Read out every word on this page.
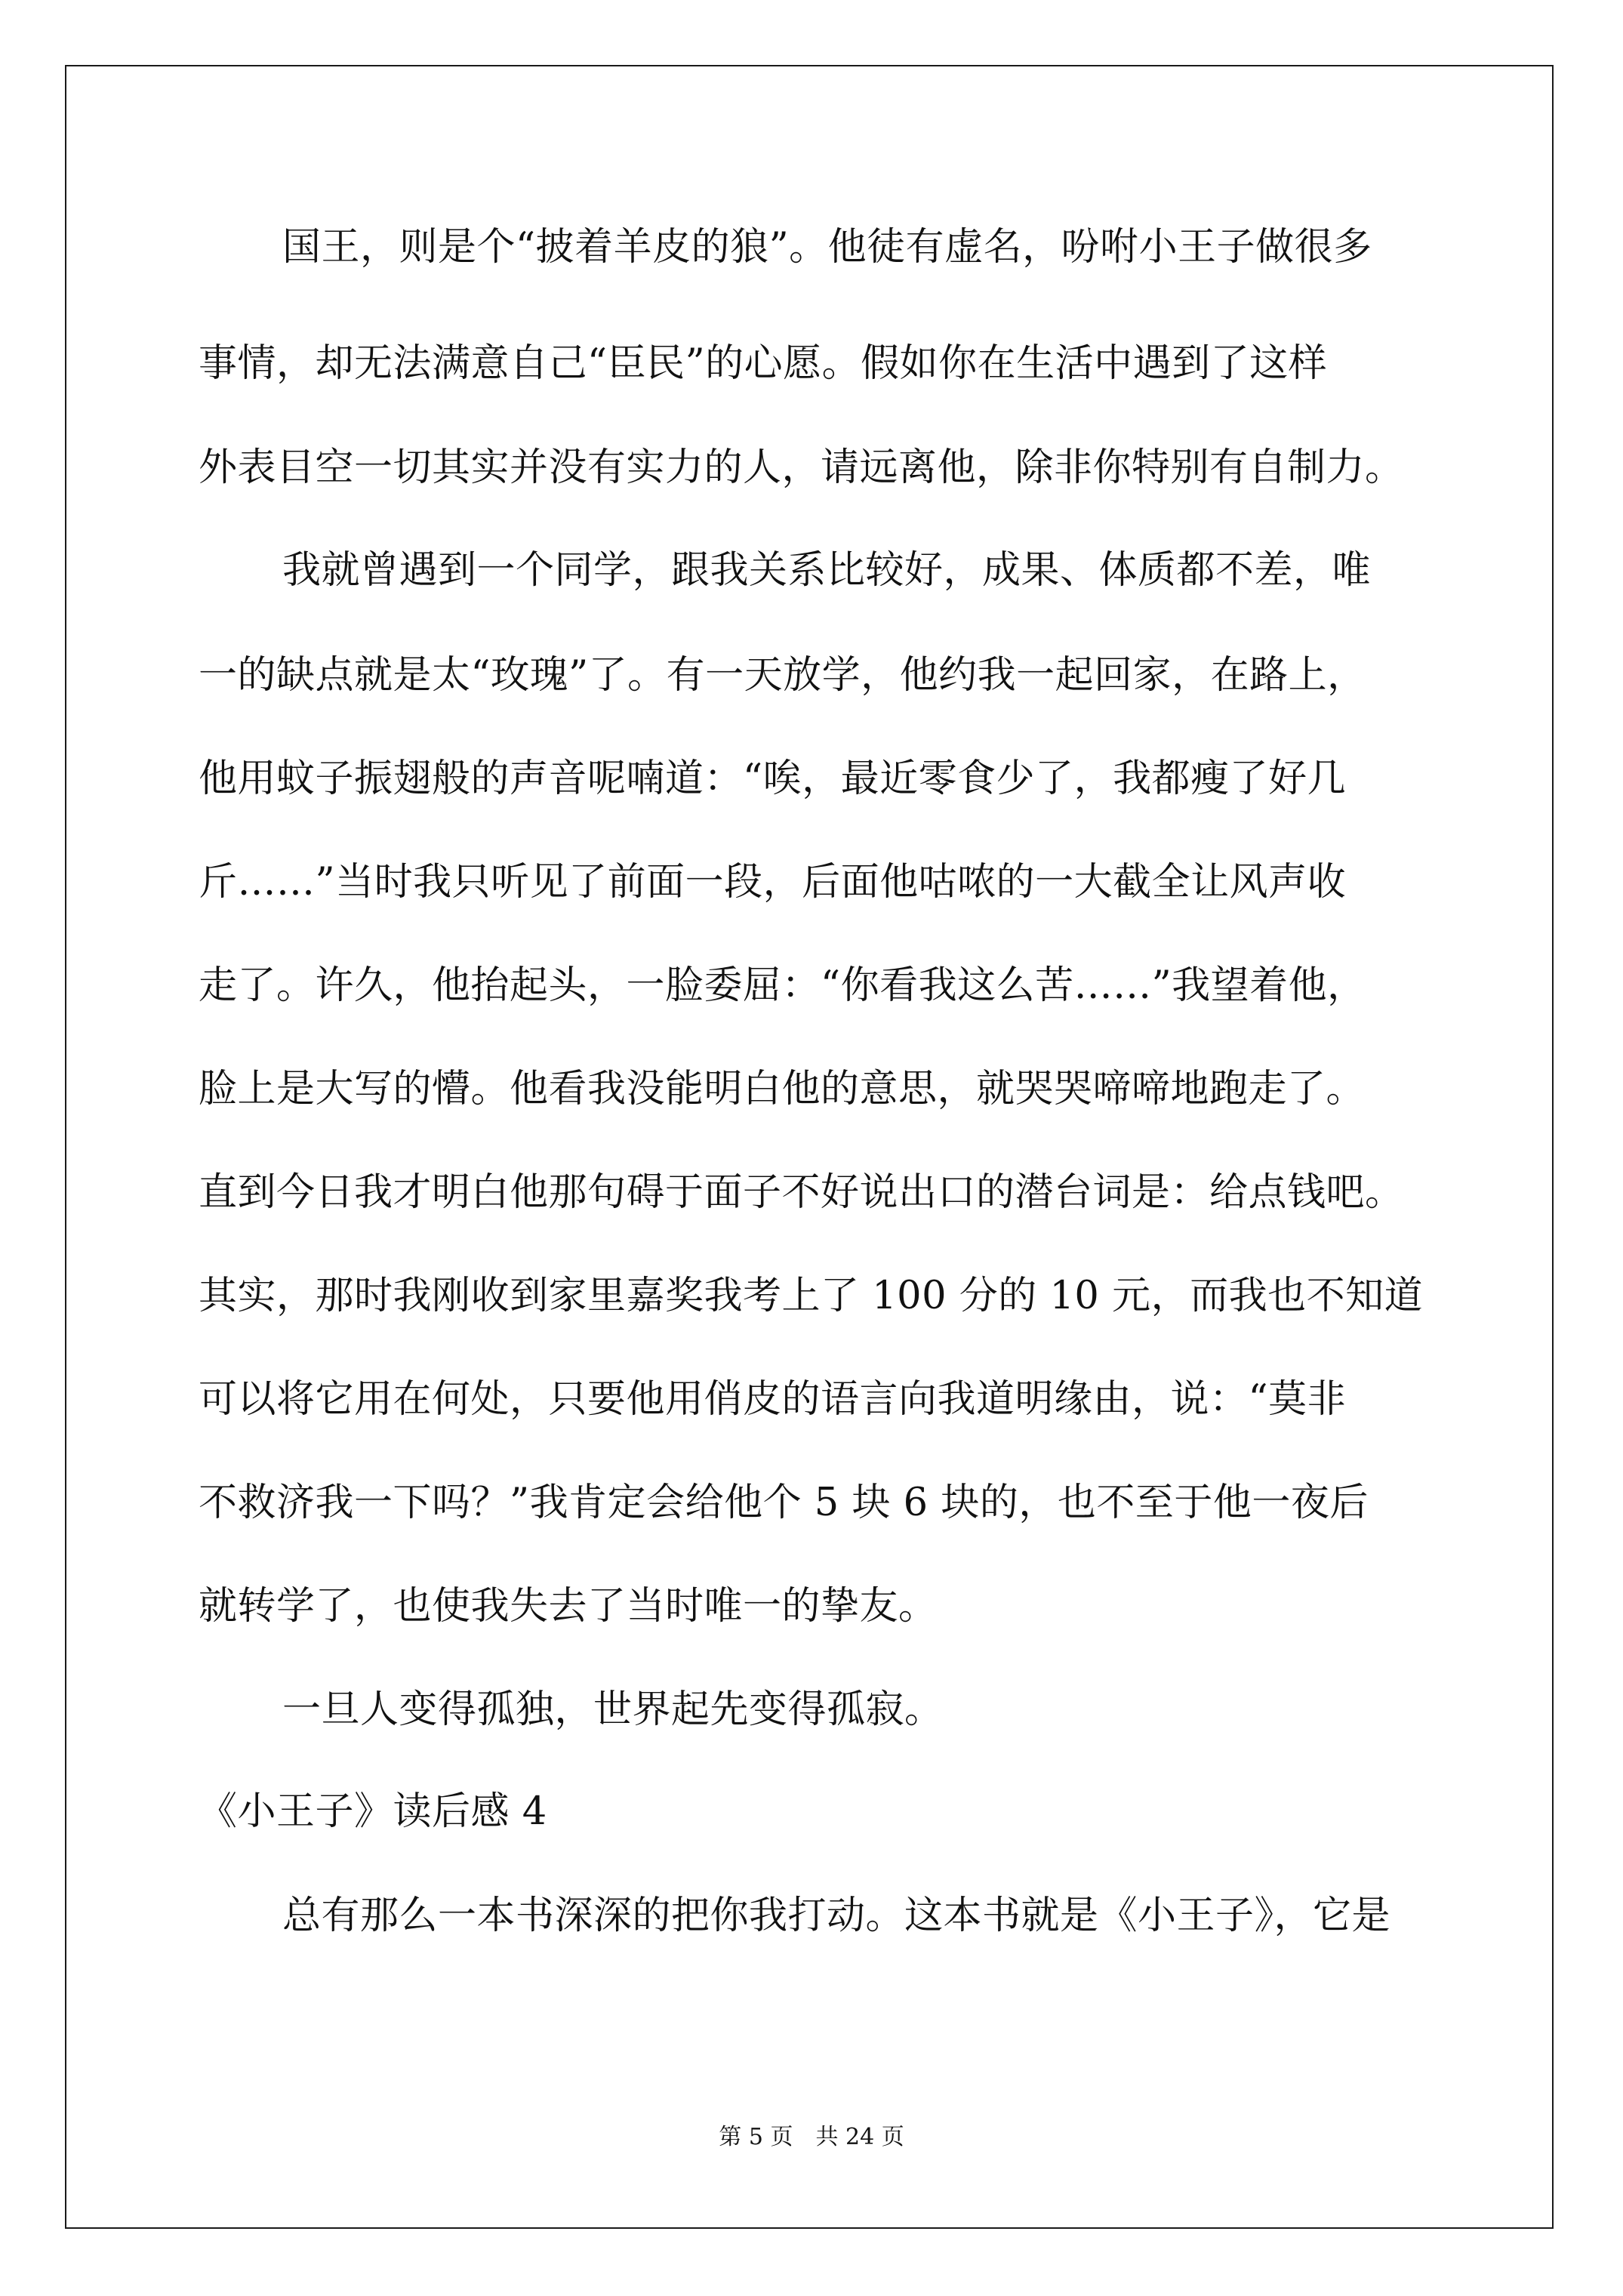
国王，则是个“披着羊皮的狼”。他徒有虚名，吩咐小王子做很多

事情，却无法满意自己“臣民”的心愿。假如你在生活中遇到了这样

外表目空一切其实并没有实力的人，请远离他，除非你特别有自制力。

我就曾遇到一个同学，跟我关系比较好，成果、体质都不差，唯

一的缺点就是太“玫瑰”了。有一天放学，他约我一起回家，在路上，

他用蚊子振翅般的声音呢喃道：“唉，最近零食少了，我都瘦了好几

斤……”当时我只听见了前面一段，后面他咕哝的一大截全让风声收

走了。许久，他抬起头，一脸委屈：“你看我这么苦……”我望着他，

脸上是大写的懵。他看我没能明白他的意思，就哭哭啼啼地跑走了。

直到今日我才明白他那句碍于面子不好说出口的潜台词是：给点钱吧。

其实，那时我刚收到家里嘉奖我考上了 100 分的 10 元，而我也不知道

可以将它用在何处，只要他用俏皮的语言向我道明缘由，说：“莫非

不救济我一下吗？”我肯定会给他个 5 块 6 块的，也不至于他一夜后

就转学了，也使我失去了当时唯一的挚友。

一旦人变得孤独，世界起先变得孤寂。

《小王子》读后感 4

总有那么一本书深深的把你我打动。这本书就是《小王子》，它是

第 5 页　共 24 页
